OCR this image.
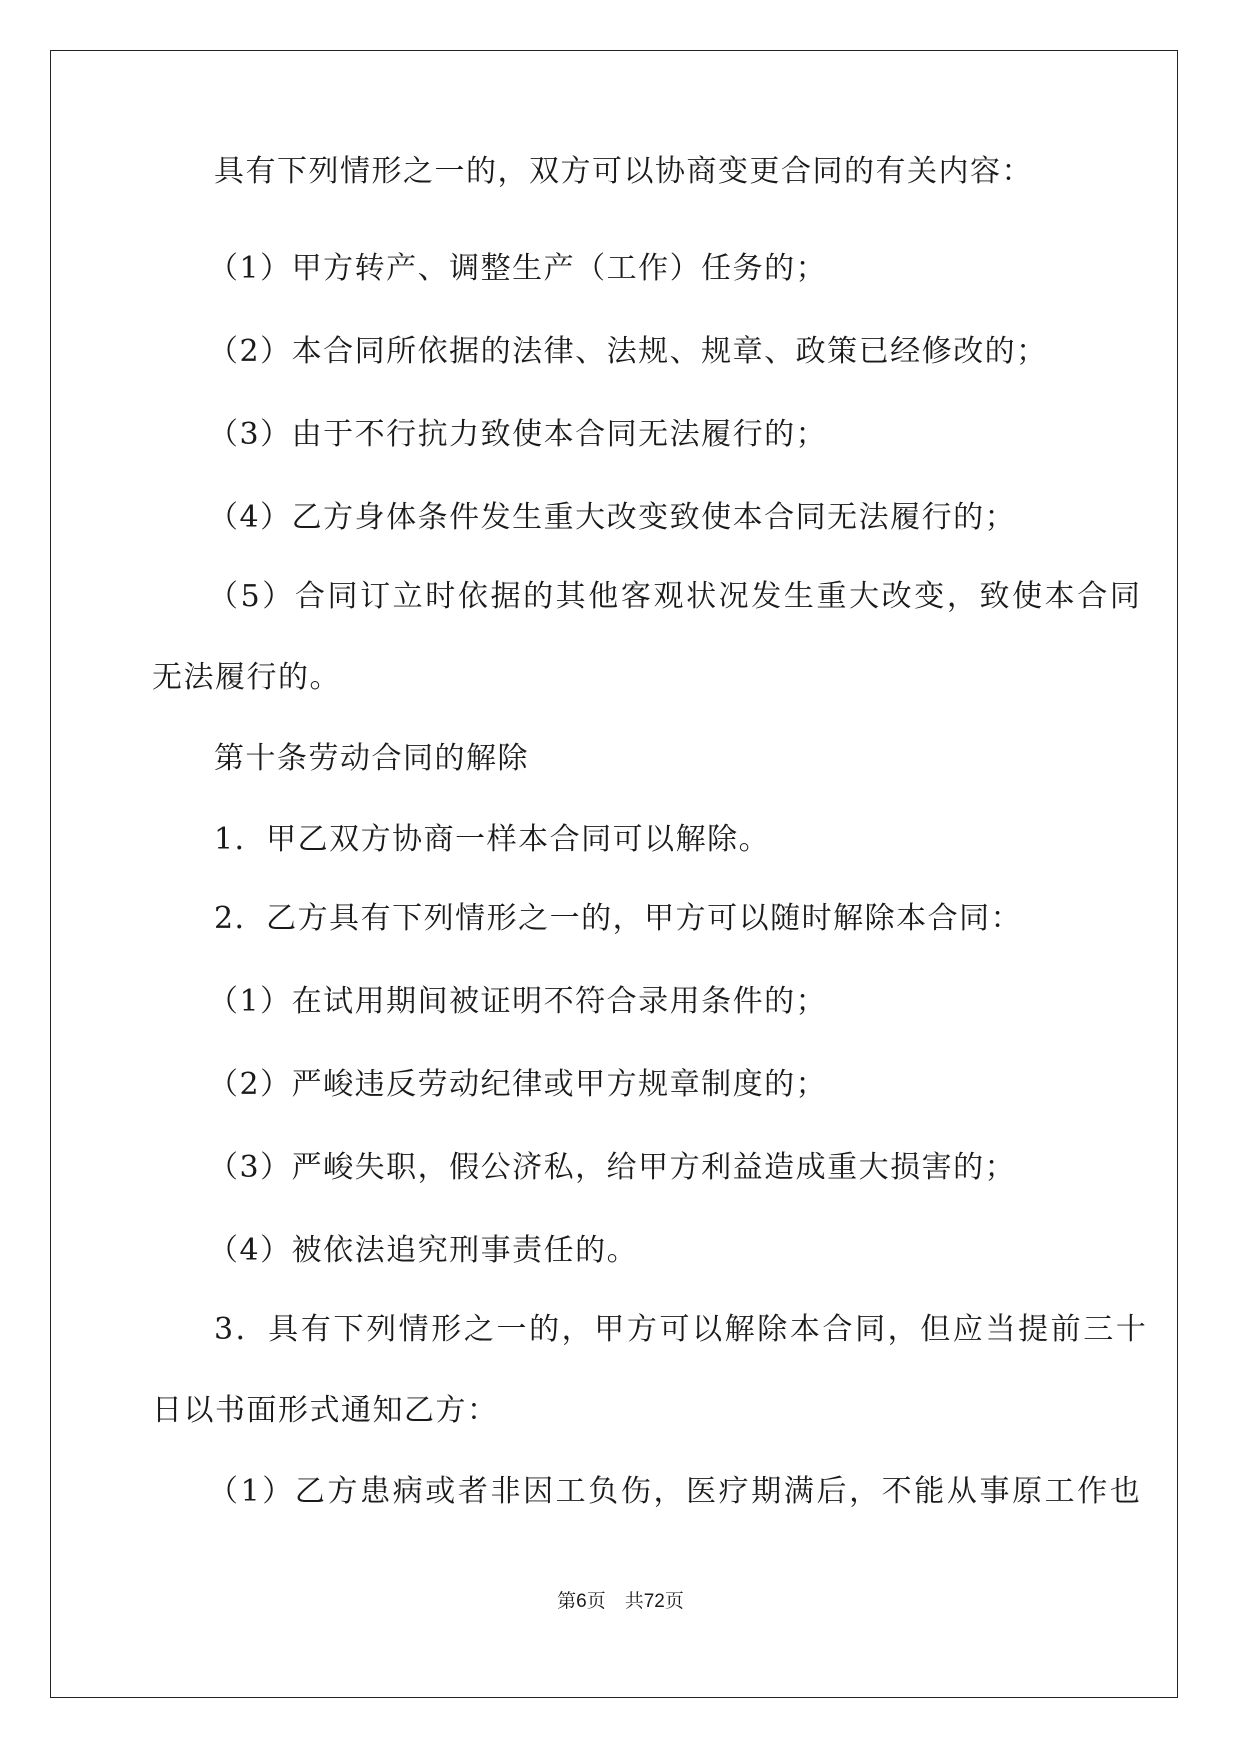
具有下列情形之一的，双方可以协商变更合同的有关内容：
（1）甲方转产、调整生产（工作）任务的；
（2）本合同所依据的法律、法规、规章、政策已经修改的；
（3）由于不行抗力致使本合同无法履行的；
（4）乙方身体条件发生重大改变致使本合同无法履行的；
（5）合同订立时依据的其他客观状况发生重大改变，致使本合同
无法履行的。
第十条劳动合同的解除
1．甲乙双方协商一样本合同可以解除。
2．乙方具有下列情形之一的，甲方可以随时解除本合同：
（1）在试用期间被证明不符合录用条件的；
（2）严峻违反劳动纪律或甲方规章制度的；
（3）严峻失职，假公济私，给甲方利益造成重大损害的；
（4）被依法追究刑事责任的。
3．具有下列情形之一的，甲方可以解除本合同，但应当提前三十
日以书面形式通知乙方：
（1）乙方患病或者非因工负伤，医疗期满后，不能从事原工作也
第6页　共72页
